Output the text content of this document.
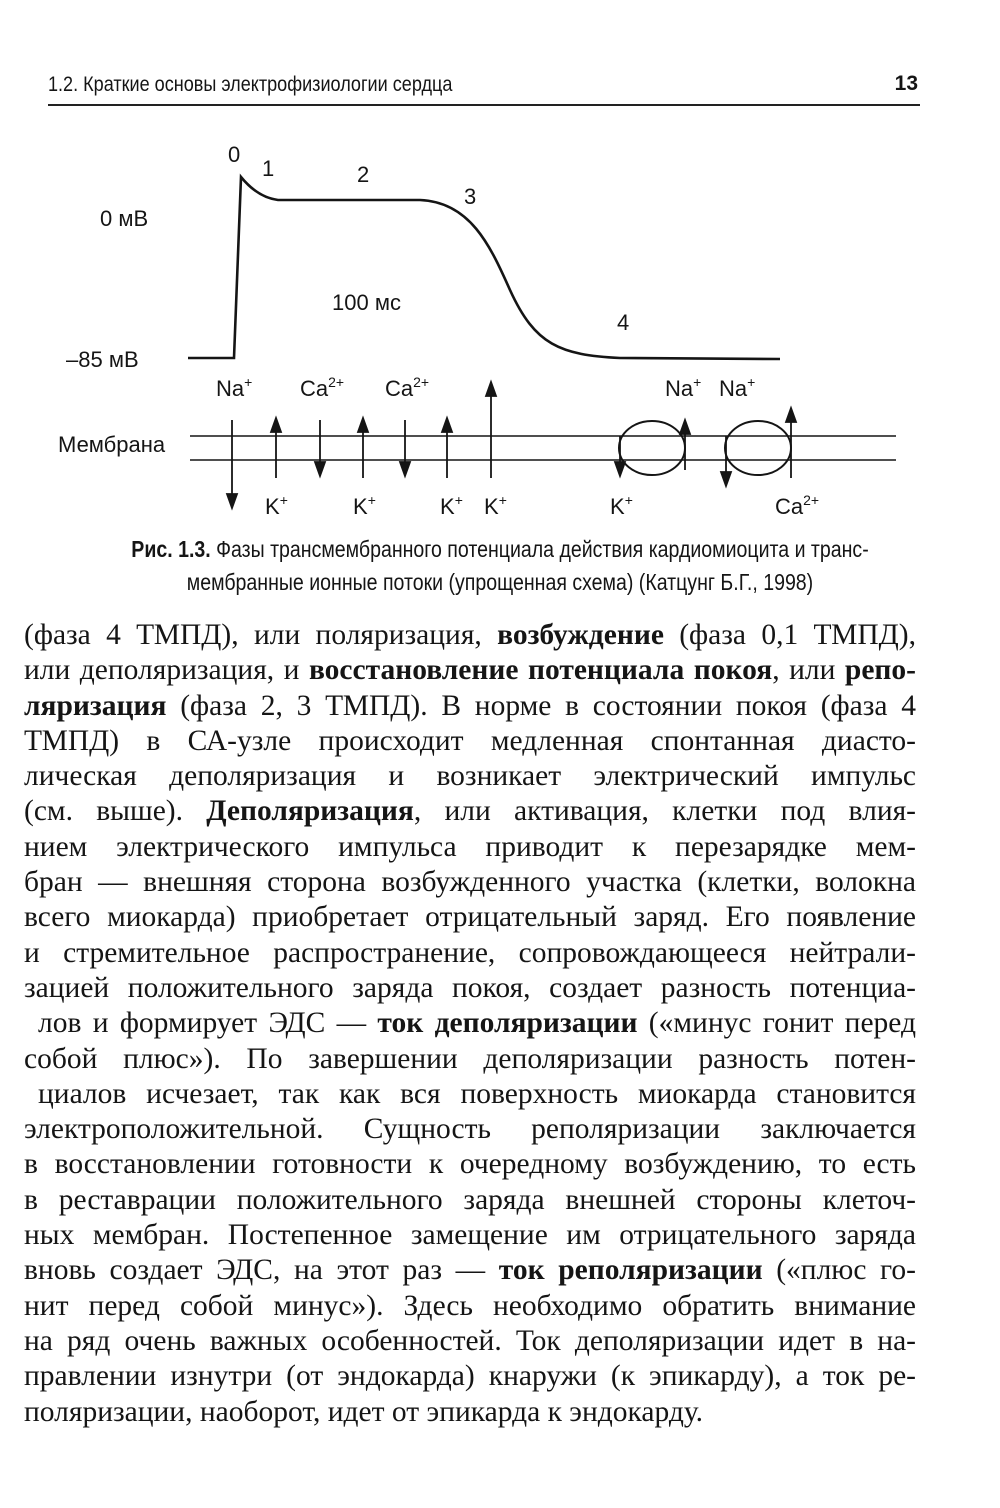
1.2. Краткие основы электрофизиологии сердца	13
0 мВ
–85 мВ
100 мс
0
1	2
3
4
Мембрана
Na+ $Ca^{2+}$ $Ca^{2+}$	Na+ Na+
K+	K+	K+ K+	K+	$Ca^{2+}$
Рис. 1.3. Фазы трансмембранного потенциала действия кардиомиоцита и транс-
мембранные ионные потоки (упрощенная схема) (Катцунг Б.Г., 1998)
(фаза 4 ТМПД), или поляризация, возбуждение (фаза 0,1 ТМПД),
или деполяризация, и восстановление потенциала покоя, или репо-
ляризация (фаза 2, 3 ТМПД). В норме в состоянии покоя (фаза 4
ТМПД) в СА-узле происходит медленная спонтанная диасто-
лическая деполяризация и возникает электрический импульс
(см. выше). Деполяризация, или активация, клетки под влия-
нием электрического импульса приводит к перезарядке мем-
бран — внешняя сторона возбужденного участка (клетки, волокна
всего миокарда) приобретает отрицательный заряд. Его появление
и стремительное распространение, сопровождающееся нейтрали-
зацией положительного заряда покоя, создает разность потенциа-
лов и формирует ЭДС — ток деполяризации («минус гонит перед
собой плюс»). По завершении деполяризации разность потен-
циалов исчезает, так как вся поверхность миокарда становится
электроположительной. Сущность реполяризации заключается
в восстановлении готовности к очередному возбуждению, то есть
в реставрации положительного заряда внешней стороны клеточ-
ных мембран. Постепенное замещение им отрицательного заряда
вновь создает ЭДС, на этот раз — ток реполяризации («плюс го-
нит перед собой минус»). Здесь необходимо обратить внимание
на ряд очень важных особенностей. Ток деполяризации идет в на-
правлении изнутри (от эндокарда) кнаружи (к эпикарду), а ток ре-
поляризации, наоборот, идет от эпикарда к эндокарду.
